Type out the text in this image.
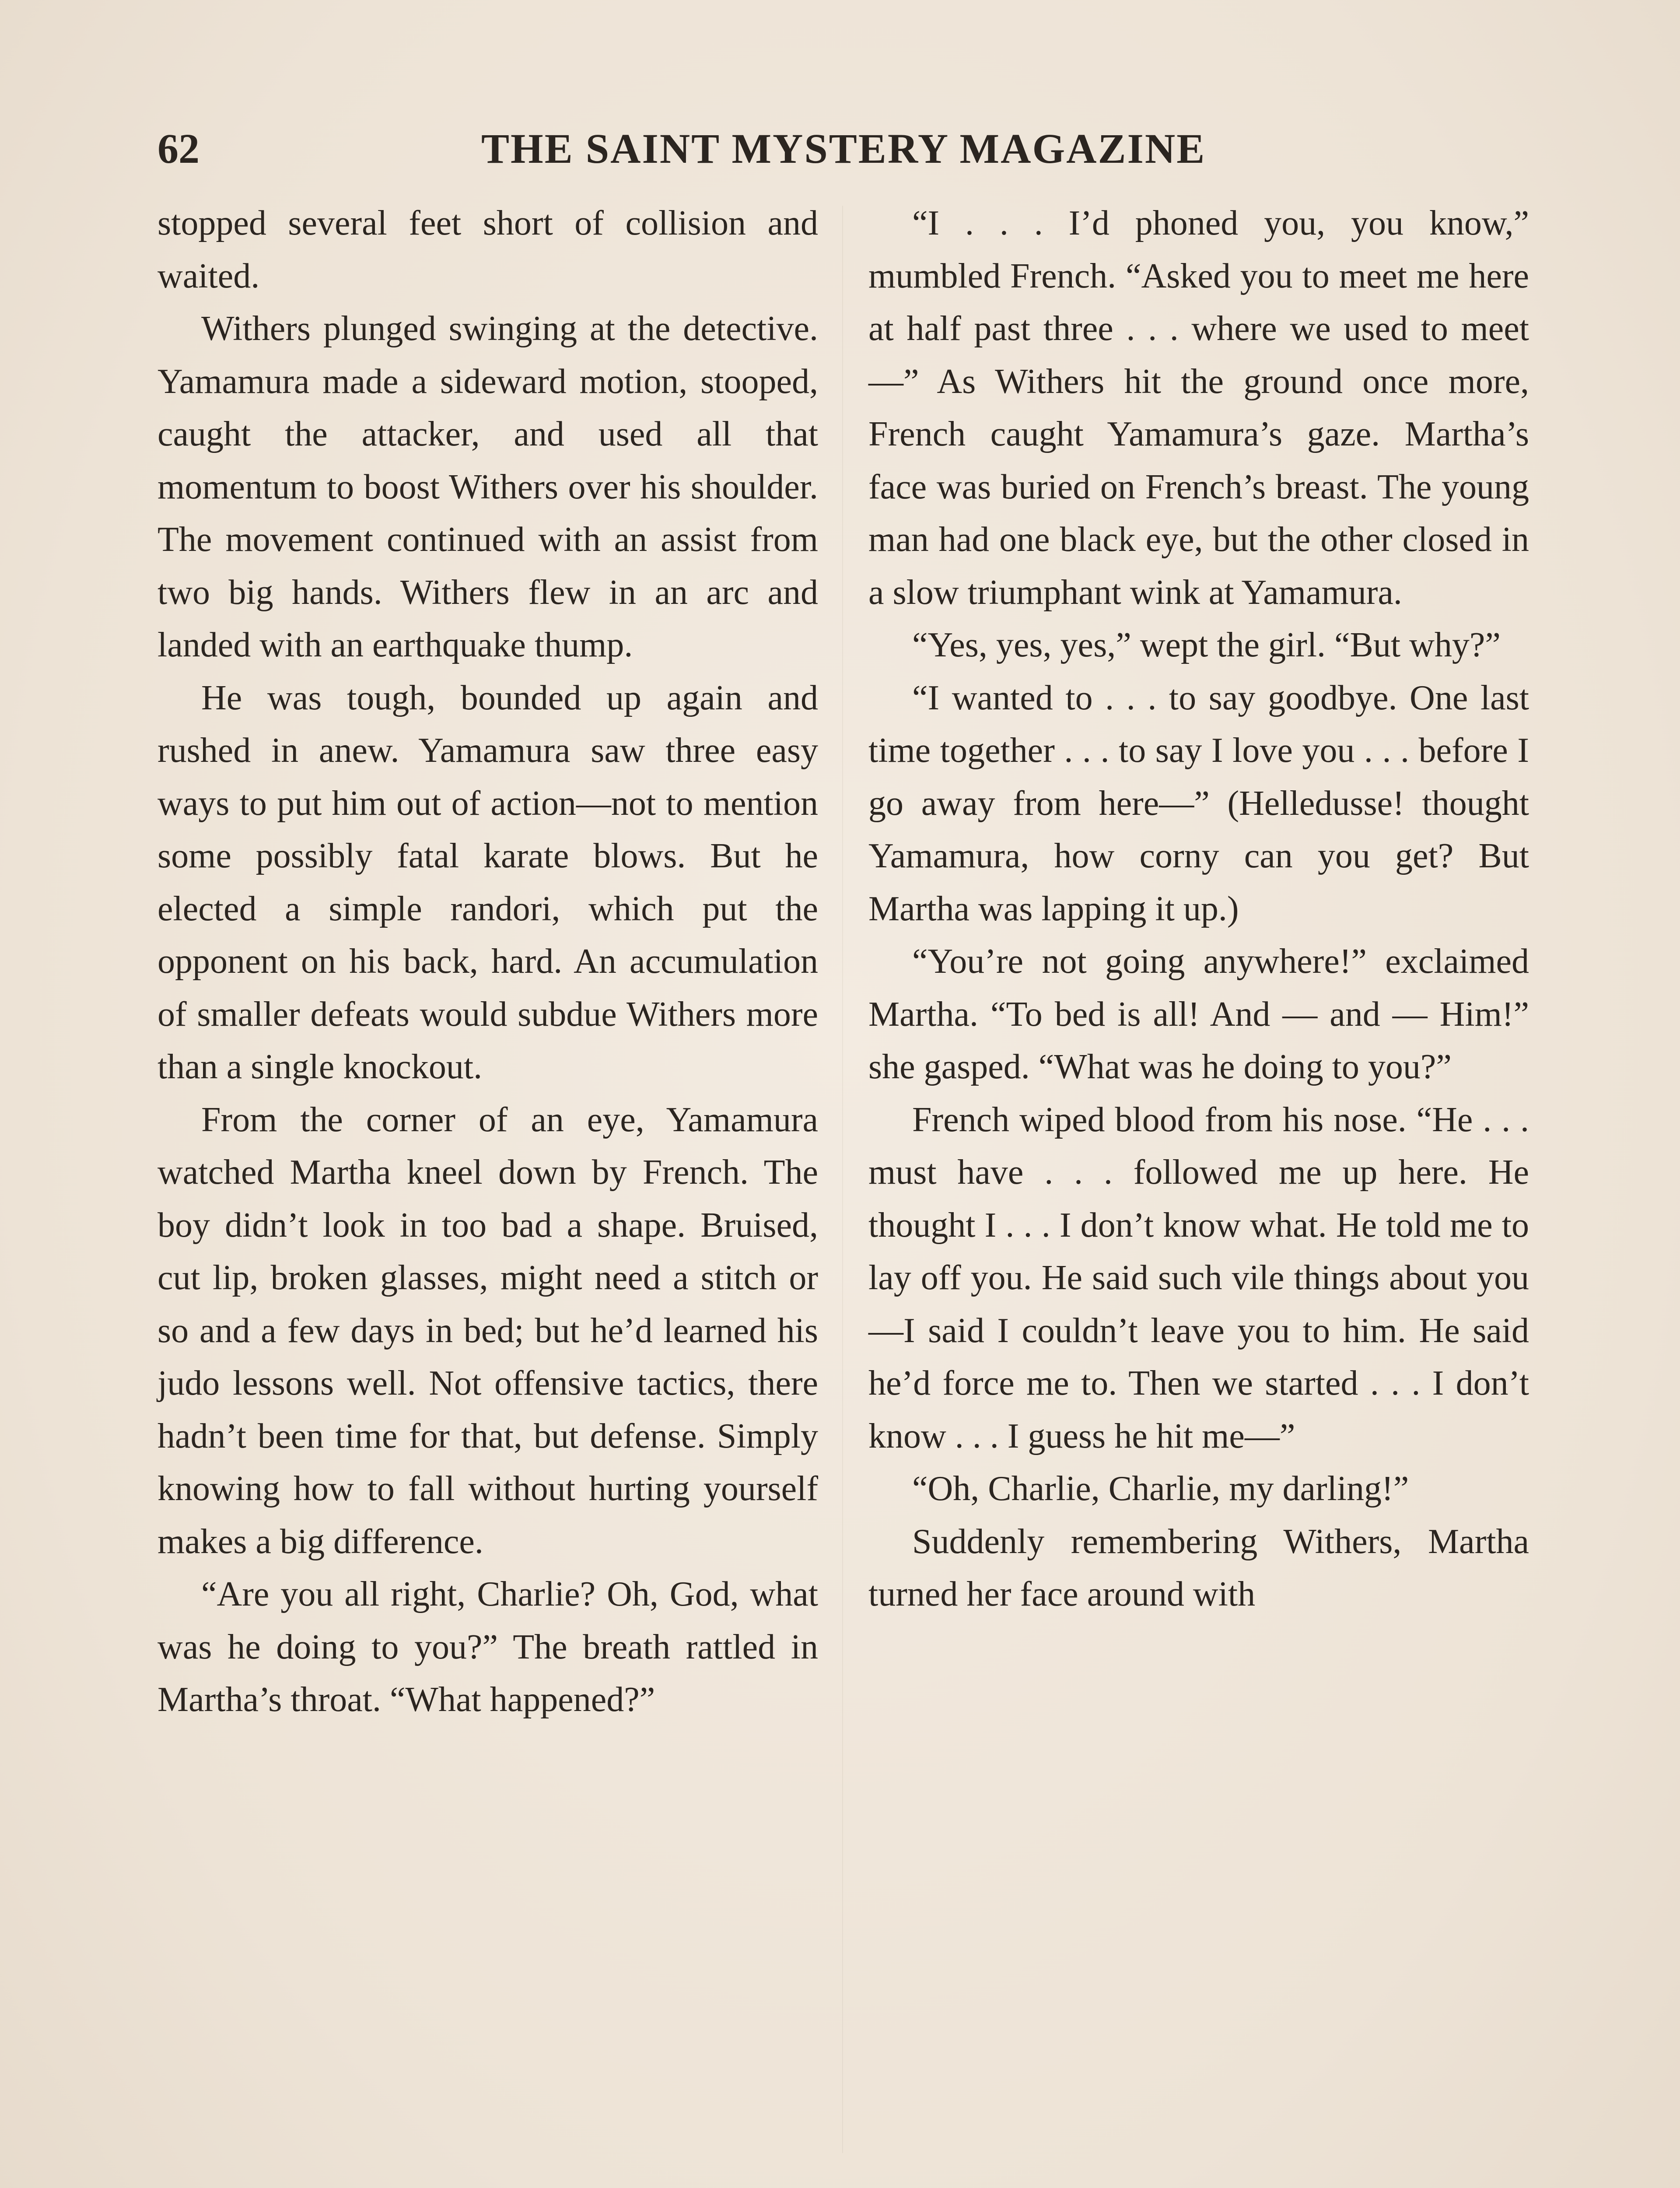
62	THE SAINT MYSTERY MAGAZINE

stopped several feet short of collision and waited.

Withers plunged swinging at the detective. Yamamura made a sideward motion, stooped, caught the attacker, and used all that momentum to boost Withers over his shoulder. The movement continued with an assist from two big hands. Withers flew in an arc and landed with an earthquake thump.

He was tough, bounded up again and rushed in anew. Yamamura saw three easy ways to put him out of action—not to mention some possibly fatal karate blows. But he elected a simple randori, which put the opponent on his back, hard. An accumulation of smaller defeats would subdue Withers more than a single knockout.

From the corner of an eye, Yamamura watched Martha kneel down by French. The boy didn’t look in too bad a shape. Bruised, cut lip, broken glasses, might need a stitch or so and a few days in bed; but he’d learned his judo lessons well. Not offensive tactics, there hadn’t been time for that, but defense. Simply knowing how to fall without hurting yourself makes a big difference.

“Are you all right, Charlie? Oh, God, what was he doing to you?” The breath rattled in Martha’s throat. “What happened?”

“I . . . I’d phoned you, you know,” mumbled French. “Asked you to meet me here at half past three . . . where we used to meet —” As Withers hit the ground once more, French caught Yamamura’s gaze. Martha’s face was buried on French’s breast. The young man had one black eye, but the other closed in a slow triumphant wink at Yamamura.

“Yes, yes, yes,” wept the girl. “But why?”

“I wanted to . . . to say goodbye. One last time together . . . to say I love you . . . before I go away from here—” (Helledusse! thought Yamamura, how corny can you get? But Martha was lapping it up.)

“You’re not going anywhere!” exclaimed Martha. “To bed is all! And — and — Him!” she gasped. “What was he doing to you?”

French wiped blood from his nose. “He . . . must have . . . followed me up here. He thought I . . . I don’t know what. He told me to lay off you. He said such vile things about you—I said I couldn’t leave you to him. He said he’d force me to. Then we started . . . I don’t know . . . I guess he hit me—”

“Oh, Charlie, Charlie, my darling!”

Suddenly remembering Withers, Martha turned her face around with
